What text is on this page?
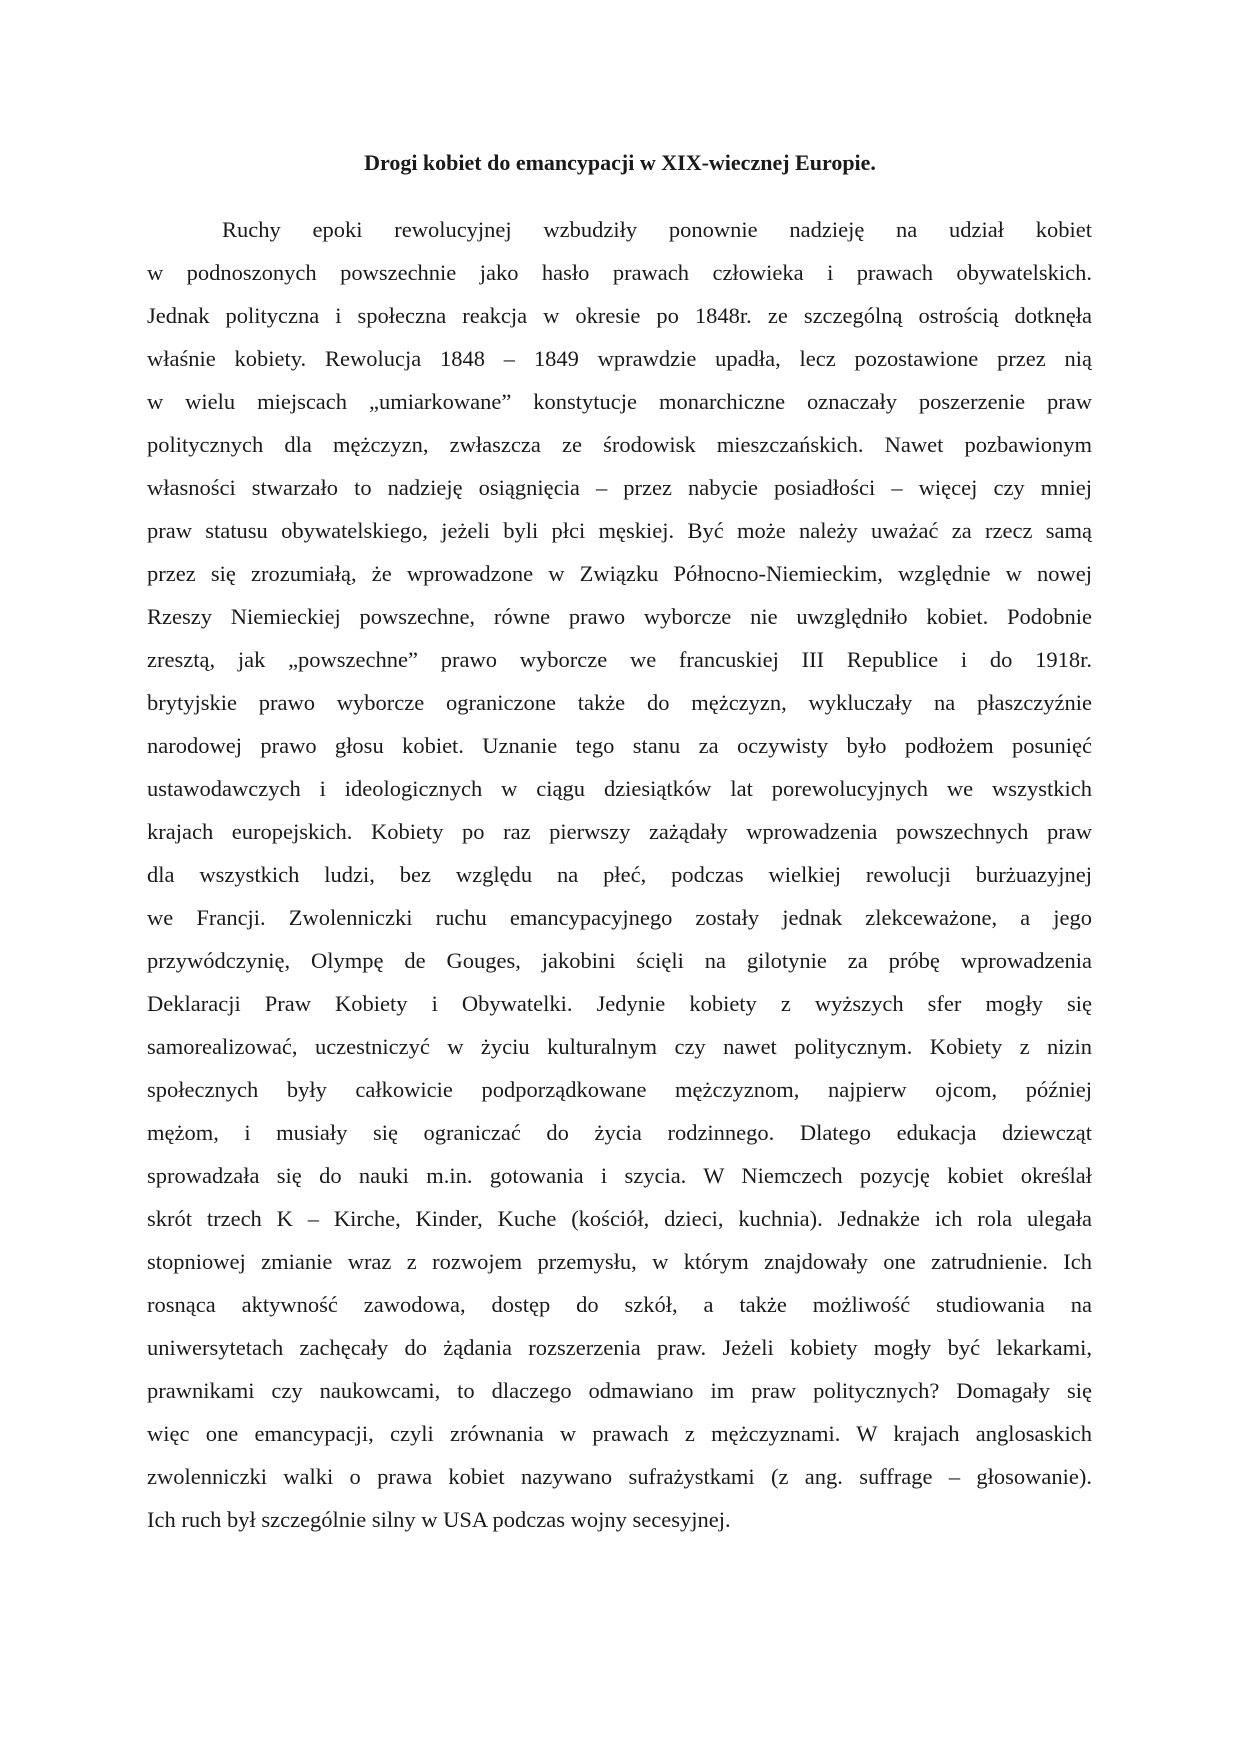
Drogi kobiet do emancypacji w XIX-wiecznej Europie.
Ruchy epoki rewolucyjnej wzbudziły ponownie nadzieję na udział kobiet
w podnoszonych powszechnie jako hasło prawach człowieka i prawach obywatelskich.
Jednak polityczna i społeczna reakcja w okresie po 1848r. ze szczególną ostrością dotknęła
właśnie kobiety. Rewolucja 1848 – 1849 wprawdzie upadła, lecz pozostawione przez nią
w wielu miejscach „umiarkowane” konstytucje monarchiczne oznaczały poszerzenie praw
politycznych dla mężczyzn, zwłaszcza ze środowisk mieszczańskich. Nawet pozbawionym
własności stwarzało to nadzieję osiągnięcia – przez nabycie posiadłości – więcej czy mniej
praw statusu obywatelskiego, jeżeli byli płci męskiej. Być może należy uważać za rzecz samą
przez się zrozumiałą, że wprowadzone w Związku Północno-Niemieckim, względnie w nowej
Rzeszy Niemieckiej powszechne, równe prawo wyborcze nie uwzględniło kobiet. Podobnie
zresztą, jak „powszechne” prawo wyborcze we francuskiej III Republice i do 1918r.
brytyjskie prawo wyborcze ograniczone także do mężczyzn, wykluczały na płaszczyźnie
narodowej prawo głosu kobiet. Uznanie tego stanu za oczywisty było podłożem posunięć
ustawodawczych i ideologicznych w ciągu dziesiątków lat porewolucyjnych we wszystkich
krajach europejskich. Kobiety po raz pierwszy zażądały wprowadzenia powszechnych praw
dla wszystkich ludzi, bez względu na płeć, podczas wielkiej rewolucji burżuazyjnej
we Francji. Zwolenniczki ruchu emancypacyjnego zostały jednak zlekceważone, a jego
przywódczynię, Olympę de Gouges, jakobini ścięli na gilotynie za próbę wprowadzenia
Deklaracji Praw Kobiety i Obywatelki. Jedynie kobiety z wyższych sfer mogły się
samorealizować, uczestniczyć w życiu kulturalnym czy nawet politycznym. Kobiety z nizin
społecznych były całkowicie podporządkowane mężczyznom, najpierw ojcom, później
mężom, i musiały się ograniczać do życia rodzinnego. Dlatego edukacja dziewcząt
sprowadzała się do nauki m.in. gotowania i szycia. W Niemczech pozycję kobiet określał
skrót trzech K – Kirche, Kinder, Kuche (kościół, dzieci, kuchnia). Jednakże ich rola ulegała
stopniowej zmianie wraz z rozwojem przemysłu, w którym znajdowały one zatrudnienie. Ich
rosnąca aktywność zawodowa, dostęp do szkół, a także możliwość studiowania na
uniwersytetach zachęcały do żądania rozszerzenia praw. Jeżeli kobiety mogły być lekarkami,
prawnikami czy naukowcami, to dlaczego odmawiano im praw politycznych? Domagały się
więc one emancypacji, czyli zrównania w prawach z mężczyznami. W krajach anglosaskich
zwolenniczki walki o prawa kobiet nazywano sufrażystkami (z ang. suffrage – głosowanie).
Ich ruch był szczególnie silny w USA podczas wojny secesyjnej.
